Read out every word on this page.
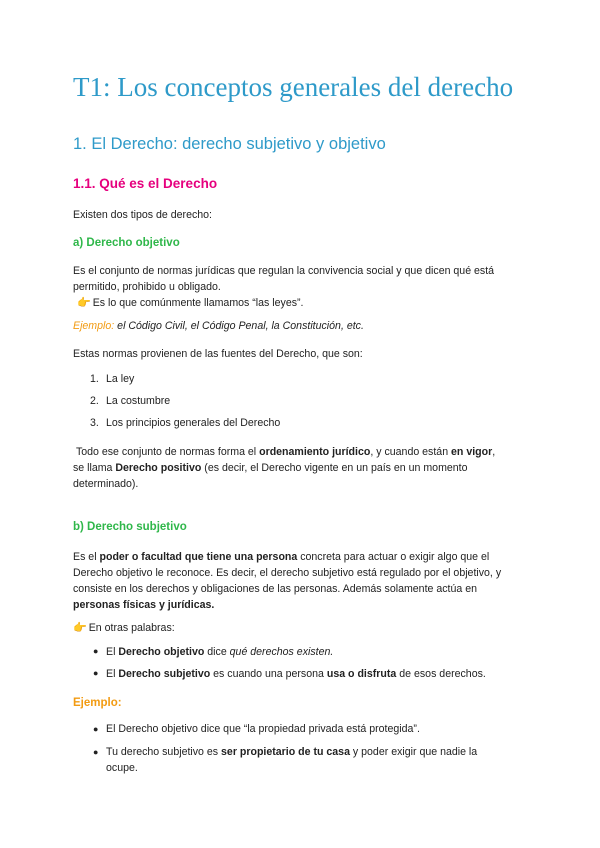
T1: Los conceptos generales del derecho
1. El Derecho: derecho subjetivo y objetivo
1.1. Qué es el Derecho

Existen dos tipos de derecho:

a) Derecho objetivo

Es el conjunto de normas jurídicas que regulan la convivencia social y que dicen qué está
permitido, prohibido u obligado.
👉 Es lo que comúnmente llamamos “las leyes”.

Ejemplo: el Código Civil, el Código Penal, la Constitución, etc.

Estas normas provienen de las fuentes del Derecho, que son:

1. La ley
2. La costumbre
3. Los principios generales del Derecho

Todo ese conjunto de normas forma el ordenamiento jurídico, y cuando están en vigor,
se llama Derecho positivo (es decir, el Derecho vigente en un país en un momento
determinado).

b) Derecho subjetivo

Es el poder o facultad que tiene una persona concreta para actuar o exigir algo que el
Derecho objetivo le reconoce. Es decir, el derecho subjetivo está regulado por el objetivo, y
consiste en los derechos y obligaciones de las personas. Además solamente actúa en
personas físicas y jurídicas.

👉 En otras palabras:

● El Derecho objetivo dice qué derechos existen.
● El Derecho subjetivo es cuando una persona usa o disfruta de esos derechos.
Ejemplo:
● El Derecho objetivo dice que “la propiedad privada está protegida”.
● Tu derecho subjetivo es ser propietario de tu casa y poder exigir que nadie la
ocupe.
